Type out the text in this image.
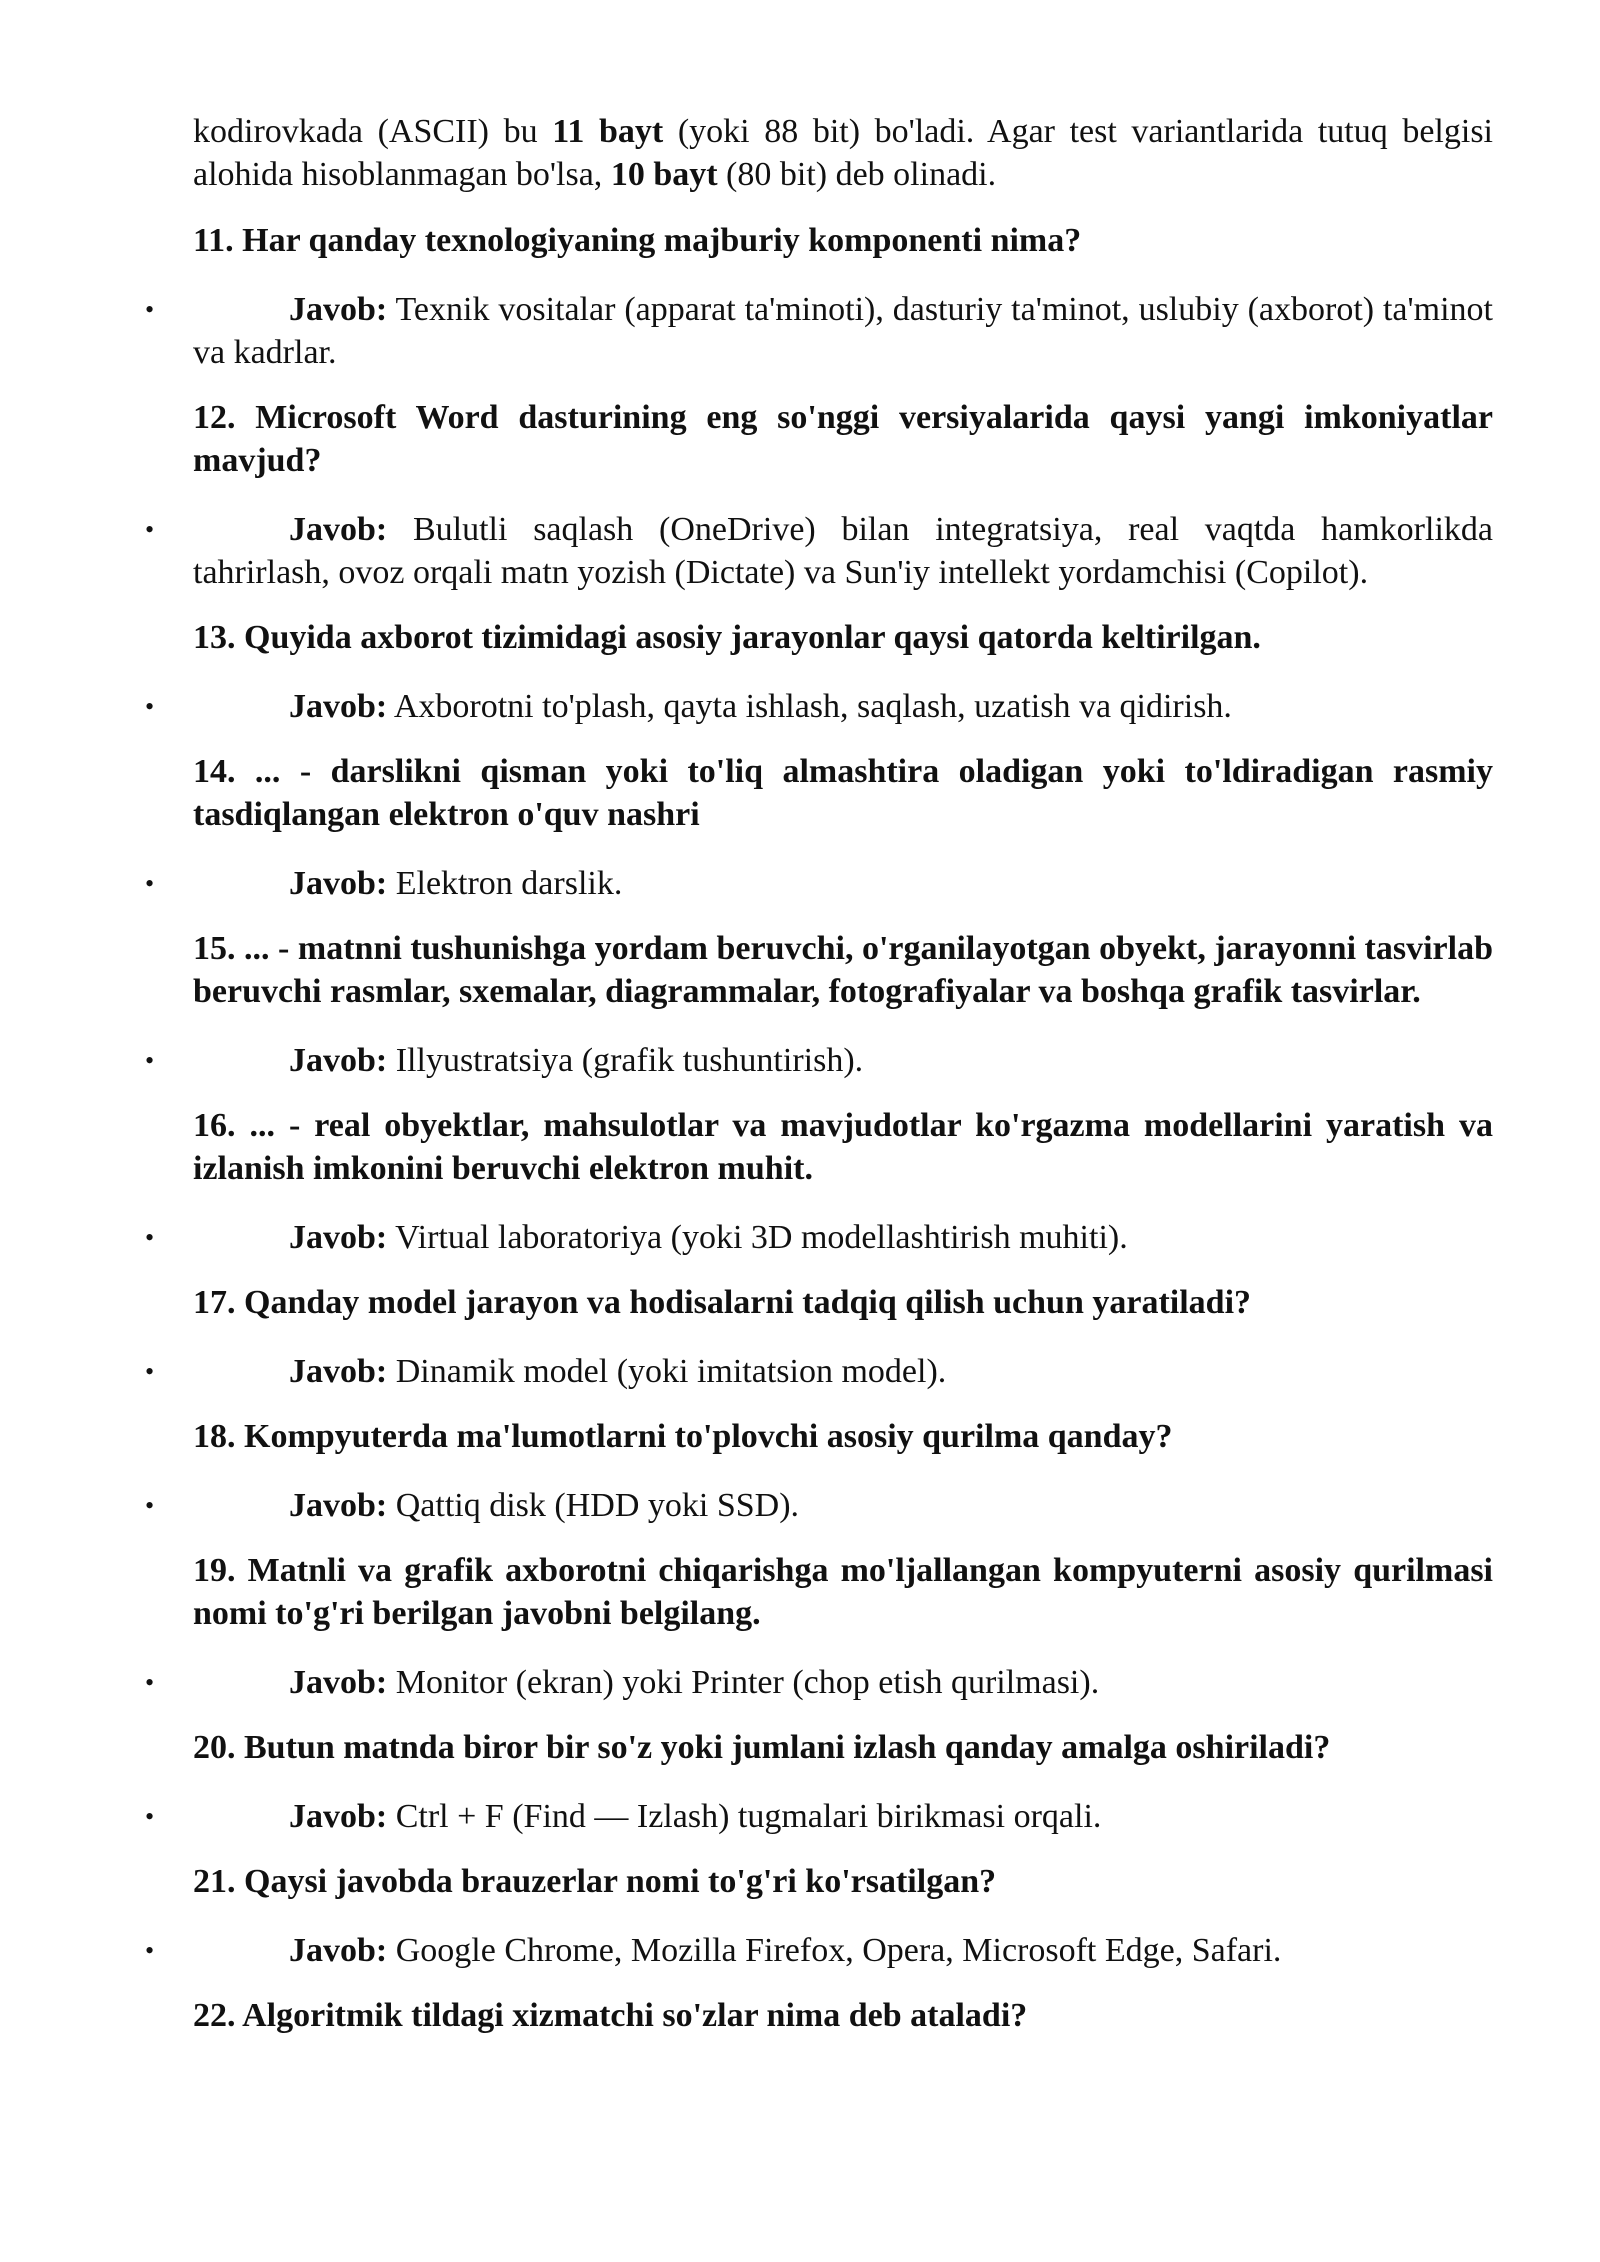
kodirovkada (ASCII) bu 11 bayt (yoki 88 bit) bo'ladi. Agar test variantlarida tutuq belgisi alohida hisoblanmagan bo'lsa, 10 bayt (80 bit) deb olinadi.

11. Har qanday texnologiyaning majburiy komponenti nima?

•	Javob: Texnik vositalar (apparat ta'minoti), dasturiy ta'minot, uslubiy (axborot) ta'minot va kadrlar.

12. Microsoft Word dasturining eng so'nggi versiyalarida qaysi yangi imkoniyatlar mavjud?

•	Javob: Bulutli saqlash (OneDrive) bilan integratsiya, real vaqtda hamkorlikda tahrirlash, ovoz orqali matn yozish (Dictate) va Sun'iy intellekt yordamchisi (Copilot).

13. Quyida axborot tizimidagi asosiy jarayonlar qaysi qatorda keltirilgan.

•	Javob: Axborotni to'plash, qayta ishlash, saqlash, uzatish va qidirish.

14. ... - darslikni qisman yoki to'liq almashtira oladigan yoki to'ldiradigan rasmiy tasdiqlangan elektron o'quv nashri

•	Javob: Elektron darslik.

15. ... - matnni tushunishga yordam beruvchi, o'rganilayotgan obyekt, jarayonni tasvirlab beruvchi rasmlar, sxemalar, diagrammalar, fotografiyalar va boshqa grafik tasvirlar.

•	Javob: Illyustratsiya (grafik tushuntirish).

16. ... - real obyektlar, mahsulotlar va mavjudotlar ko'rgazma modellarini yaratish va izlanish imkonini beruvchi elektron muhit.

•	Javob: Virtual laboratoriya (yoki 3D modellashtirish muhiti).

17. Qanday model jarayon va hodisalarni tadqiq qilish uchun yaratiladi?

•	Javob: Dinamik model (yoki imitatsion model).

18. Kompyuterda ma'lumotlarni to'plovchi asosiy qurilma qanday?

•	Javob: Qattiq disk (HDD yoki SSD).

19. Matnli va grafik axborotni chiqarishga mo'ljallangan kompyuterni asosiy qurilmasi nomi to'g'ri berilgan javobni belgilang.

•	Javob: Monitor (ekran) yoki Printer (chop etish qurilmasi).

20. Butun matnda biror bir so'z yoki jumlani izlash qanday amalga oshiriladi?

•	Javob: Ctrl + F (Find — Izlash) tugmalari birikmasi orqali.

21. Qaysi javobda brauzerlar nomi to'g'ri ko'rsatilgan?

•	Javob: Google Chrome, Mozilla Firefox, Opera, Microsoft Edge, Safari.

22. Algoritmik tildagi xizmatchi so'zlar nima deb ataladi?
